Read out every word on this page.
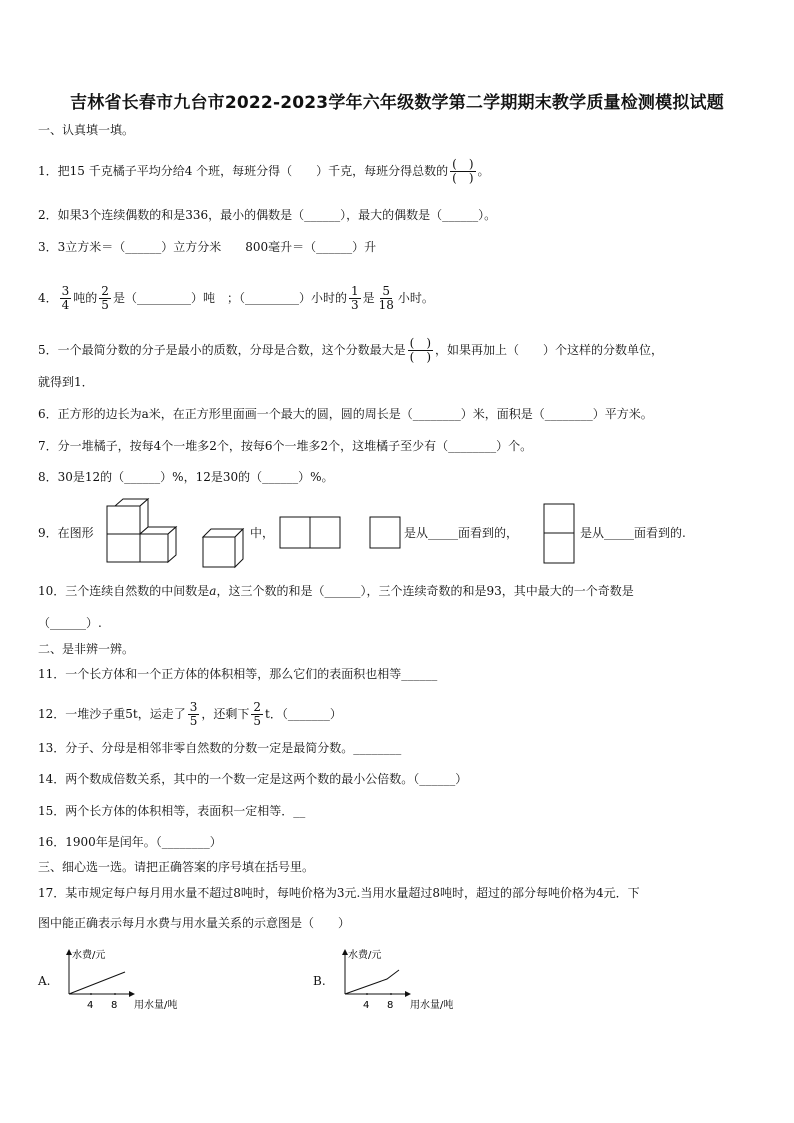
吉林省长春市九台市2022-2023学年六年级数学第二学期期末教学质量检测模拟试题
一、认真填一填。
1．把15 千克橘子平均分给4 个班，每班分得（　　）千克，每班分得总数的 $\frac{( )}{( )}$ 。
2．如果3个连续偶数的和是336，最小的偶数是（______），最大的偶数是（______）。
3．3立方米＝（______）立方分米　　800毫升＝（______）升
4． $\frac{3}{4}$ 吨的 $\frac{2}{5}$ 是（_________）吨　；（_________）小时的 $\frac{1}{3}$ 是 $\frac{5}{18}$ 小时。
5．一个最简分数的分子是最小的质数，分母是合数，这个分数最大是 $\frac{( )}{( )}$ ，如果再加上（　　）个这样的分数单位，
就得到1．
6．正方形的边长为a米，在正方形里面画一个最大的圆，圆的周长是（________）米，面积是（________）平方米。
7．分一堆橘子，按每4个一堆多2个，按每6个一堆多2个，这堆橘子至少有（________）个。
8．30是12的（______）%，12是30的（______）%。
9．在图形	中，	是从_____面看到的，	是从_____面看到的.
10．三个连续自然数的中间数是a，这三个数的和是（______），三个连续奇数的和是93，其中最大的一个奇数是
（______）.
二、是非辨一辨。
11．一个长方体和一个正方体的体积相等，那么它们的表面积也相等______
12．一堆沙子重5t，运走了 $\frac{3}{5}$ ，还剩下 $\frac{2}{5}$ t．（_______）
13．分子、分母是相邻非零自然数的分数一定是最简分数。________
14．两个数成倍数关系，其中的一个数一定是这两个数的最小公倍数。（______）
15．两个长方体的体积相等，表面积一定相等．__
16．1900年是闰年。（________）
三、细心选一选。请把正确答案的序号填在括号里。
17．某市规定每户每月用水量不超过8吨时，每吨价格为3元.当用水量超过8吨时，超过的部分每吨价格为4元．下
图中能正确表示每月水费与用水量关系的示意图是（　　）
A.
水费/元
4 8 用水量/吨
B.
水费/元
4 8 用水量/吨
